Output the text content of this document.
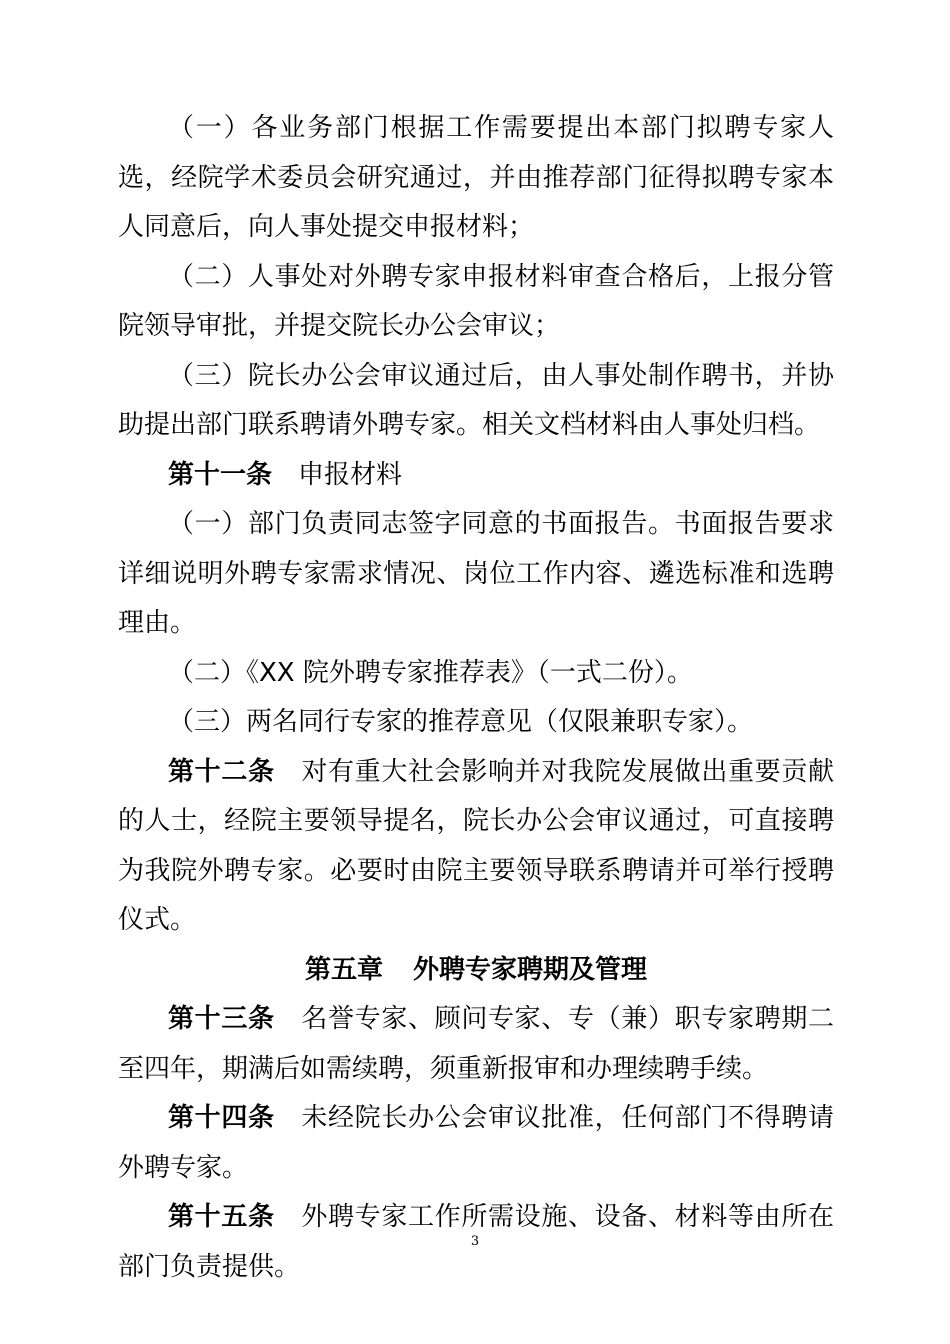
（一）各业务部门根据工作需要提出本部门拟聘专家人选，经院学术委员会研究通过，并由推荐部门征得拟聘专家本人同意后，向人事处提交申报材料；

（二）人事处对外聘专家申报材料审查合格后，上报分管院领导审批，并提交院长办公会审议；

（三）院长办公会审议通过后，由人事处制作聘书，并协助提出部门联系聘请外聘专家。相关文档材料由人事处归档。

第十一条 申报材料

（一）部门负责同志签字同意的书面报告。书面报告要求详细说明外聘专家需求情况、岗位工作内容、遴选标准和选聘理由。

（二）《XX 院外聘专家推荐表》（一式二份）。

（三）两名同行专家的推荐意见（仅限兼职专家）。

第十二条 对有重大社会影响并对我院发展做出重要贡献的人士，经院主要领导提名，院长办公会审议通过，可直接聘为我院外聘专家。必要时由院主要领导联系聘请并可举行授聘仪式。

第五章 外聘专家聘期及管理

第十三条 名誉专家、顾问专家、专（兼）职专家聘期二至四年，期满后如需续聘，须重新报审和办理续聘手续。

第十四条 未经院长办公会审议批准，任何部门不得聘请外聘专家。

第十五条 外聘专家工作所需设施、设备、材料等由所在部门负责提供。

3
